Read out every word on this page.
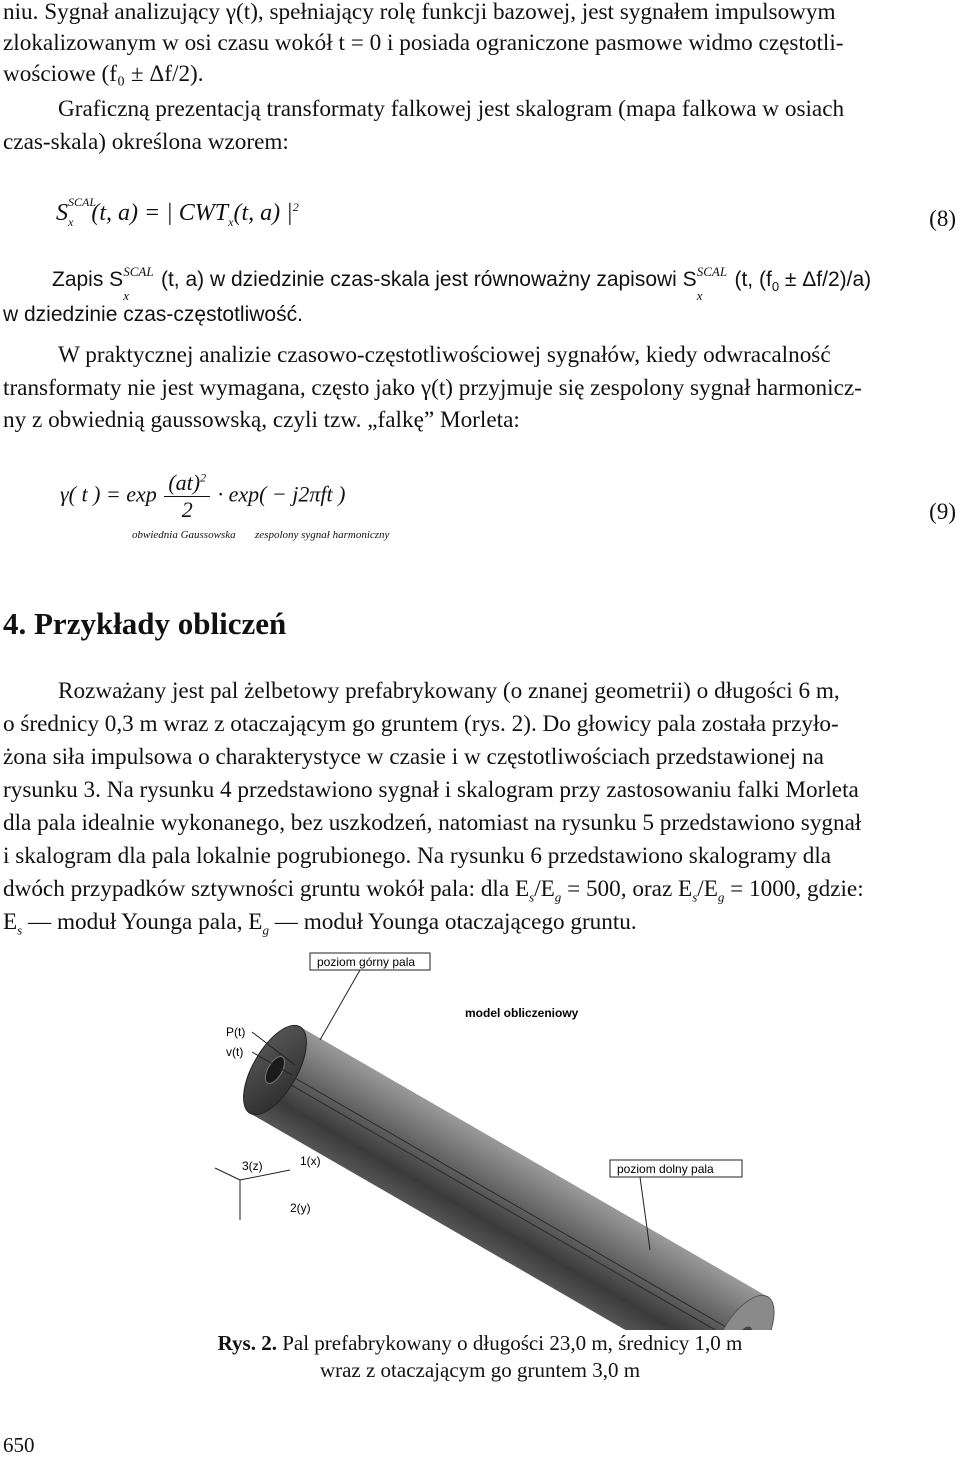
niu. Sygnał analizujący γ(t), spełniający rolę funkcji bazowej, jest sygnałem impulsowym
zlokalizowanym w osi czasu wokół t = 0 i posiada ograniczone pasmowe widmo częstotli-
wościowe (f₀ ± Δf/2).
Graficzną prezentacją transformaty falkowej jest skalogram (mapa falkowa w osiach
czas-skala) określona wzorem:
S SCAL
x (t, a) = | $CWT_x(t$, a) $|^2$	(8)
Zapis S SCAL
x(t, a) w dziedzinie czas-skala jest równoważny zapisowi S SCAL
x(t, $(f_0 \pm \Delta f/2)/a$)
w dziedzinie czas-częstotliwość.
W praktycznej analizie czasowo-częstotliwościowej sygnałów, kiedy odwracalność
transformaty nie jest wymagana, często jako γ(t) przyjmuje się zespolony sygnał harmonicz-
ny z obwiednią gaussowską, czyli tzw. „falkę” Morleta:
γ( t ) = $\exp \frac{(at)^2}{2} \cdot \exp( - j2\pi ft$ )
obwiednia Gaussowska zespolony sygnał harmoniczny
(9)
4. Przykłady obliczeń
Rozważany jest pal żelbetowy prefabrykowany (o znanej geometrii) o długości 6 m,
o średnicy 0,3 m wraz z otaczającym go gruntem (rys. 2). Do głowicy pala została przyło-
żona siła impulsowa o charakterystyce w czasie i w częstotliwościach przedstawionej na
rysunku 3. Na rysunku 4 przedstawiono sygnał i skalogram przy zastosowaniu falki Morleta
dla pala idealnie wykonanego, bez uszkodzeń, natomiast na rysunku 5 przedstawiono sygnał
i skalogram dla pala lokalnie pogrubionego. Na rysunku 6 przedstawiono skalogramy dla
dwóch przypadków sztywności gruntu wokół pala: dla $E_s/E_g = 500$, oraz $E_s/E_g = 1000$, gdzie:
$E_s$ — moduł Younga pala, $E_g$ — moduł Younga otaczającego gruntu.
3(z)	1(x)
2(y)
poziom górny pala
model obliczeniowy
P(t)
v(t)
poziom dolny pala
Rys. 2. Pal prefabrykowany o długości 23,0 m, średnicy 1,0 m
wraz z otaczającym go gruntem 3,0 m
650
